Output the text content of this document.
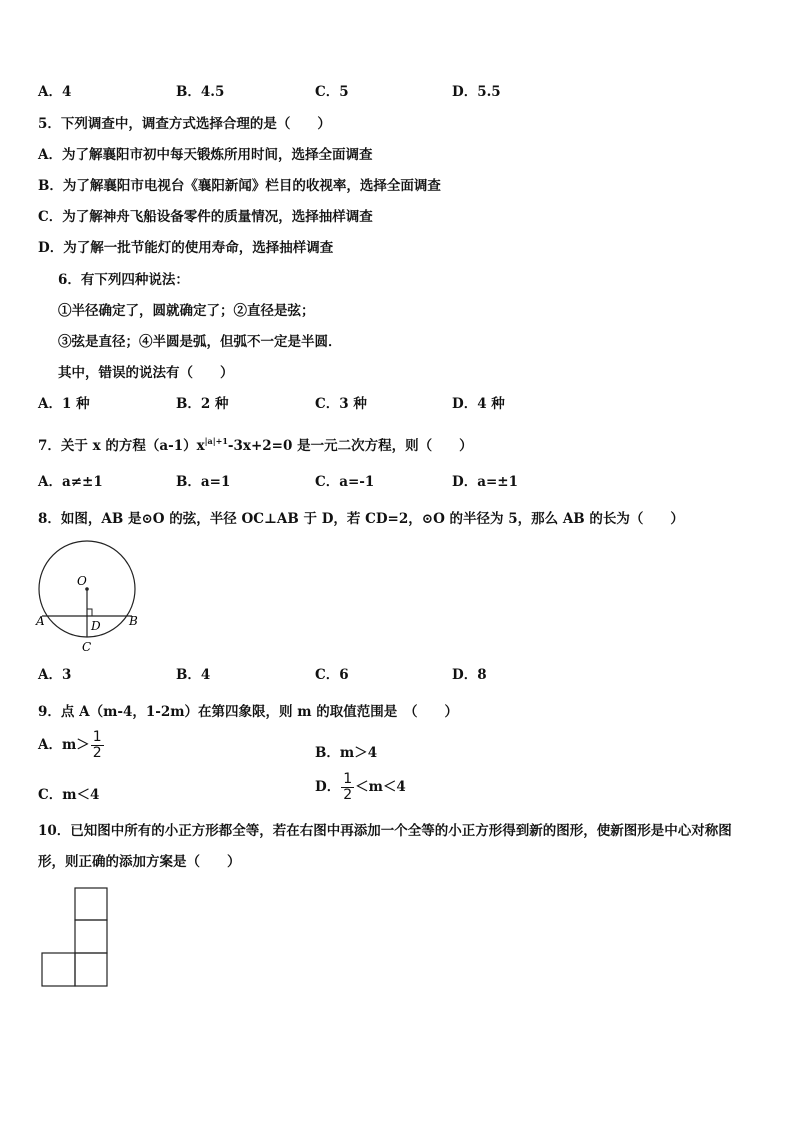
A．4	B．4.5	C．5	D．5.5
5．下列调查中，调查方式选择合理的是（　　）
A．为了解襄阳市初中每天锻炼所用时间，选择全面调查
B．为了解襄阳市电视台《襄阳新闻》栏目的收视率，选择全面调查
C．为了解神舟飞船设备零件的质量情况，选择抽样调查
D．为了解一批节能灯的使用寿命，选择抽样调查
6．有下列四种说法：
①半径确定了，圆就确定了；②直径是弦；
③弦是直径；④半圆是弧，但弧不一定是半圆．
其中，错误的说法有（　　）
A．1 种	B．2 种	C．3 种	D．4 种
7．关于 x 的方程$(a-1)x^{|a|+1}-3x+2=0$ 是一元二次方程，则（　　）
A．a≠±1	B．a=1	C．a=-1	D．a=±1
8．如图，AB 是⊙O 的弦，半径 OC⊥AB 于 D，若 CD=2，⊙O 的半径为 5，那么 AB 的长为（　　）
O
A	B
D
C
A．3	B．4	C．6	D．8
9．点 A（m-4，1-2m）在第四象限，则 m 的取值范围是　（　　）
A．$m> \frac{1}{2}$	B．m＞4
C．m＜4	D． $\frac{1}{2} <m<4$
10．已知图中所有的小正方形都全等，若在右图中再添加一个全等的小正方形得到新的图形，使新图形是中心对称图
形，则正确的添加方案是（　　）
